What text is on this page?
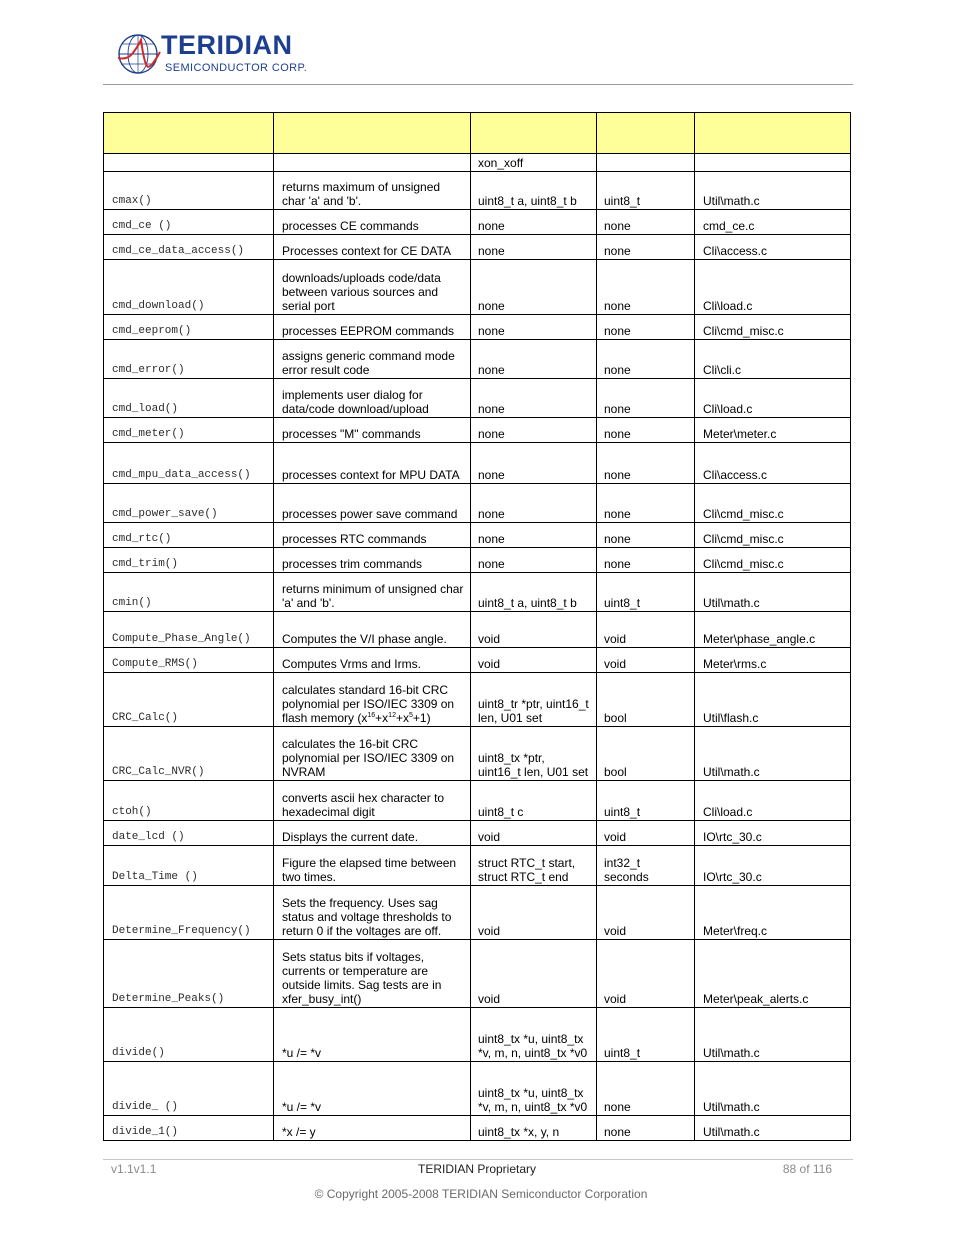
TERIDIAN
SEMICONDUCTOR CORP.

		xon_xoff		
cmax()	returns maximum of unsigned char 'a' and 'b'.	uint8_t a, uint8_t b	uint8_t	Util\math.c
cmd_ce ()	processes CE commands	none	none	cmd_ce.c
cmd_ce_data_access()	Processes context for CE DATA	none	none	Cli\access.c
cmd_download()	downloads/uploads code/data between various sources and serial port	none	none	Cli\load.c
cmd_eeprom()	processes EEPROM commands	none	none	Cli\cmd_misc.c
cmd_error()	assigns generic command mode error result code	none	none	Cli\cli.c
cmd_load()	implements user dialog for data/code download/upload	none	none	Cli\load.c
cmd_meter()	processes "M" commands	none	none	Meter\meter.c
cmd_mpu_data_access()	processes context for MPU DATA	none	none	Cli\access.c
cmd_power_save()	processes power save command	none	none	Cli\cmd_misc.c
cmd_rtc()	processes RTC commands	none	none	Cli\cmd_misc.c
cmd_trim()	processes trim commands	none	none	Cli\cmd_misc.c
cmin()	returns minimum of unsigned char 'a' and 'b'.	uint8_t a, uint8_t b	uint8_t	Util\math.c
Compute_Phase_Angle()	Computes the V/I phase angle.	void	void	Meter\phase_angle.c
Compute_RMS()	Computes Vrms and Irms.	void	void	Meter\rms.c
CRC_Calc()	calculates standard 16-bit CRC polynomial per ISO/IEC 3309 on flash memory $(x^{16}+x^{12}+x^5+1)$	uint8_tr *ptr, uint16_t len, U01 set	bool	Util\flash.c
CRC_Calc_NVR()	calculates the 16-bit CRC polynomial per ISO/IEC 3309 on NVRAM	uint8_tx *ptr, uint16_t len, U01 set	bool	Util\math.c
ctoh()	converts ascii hex character to hexadecimal digit	uint8_t c	uint8_t	Cli\load.c
date_lcd ()	Displays the current date.	void	void	IO\rtc_30.c
Delta_Time ()	Figure the elapsed time between two times.	struct RTC_t start, struct RTC_t end	int32_t seconds	IO\rtc_30.c
Determine_Frequency()	Sets the frequency. Uses sag status and voltage thresholds to return 0 if the voltages are off.	void	void	Meter\freq.c
Determine_Peaks()	Sets status bits if voltages, currents or temperature are outside limits. Sag tests are in xfer_busy_int()	void	void	Meter\peak_alerts.c
divide()	*u /= *v	uint8_tx *u, uint8_tx *v, m, n, uint8_tx *v0	uint8_t	Util\math.c
divide_ ()	*u /= *v	uint8_tx *u, uint8_tx *v, m, n, uint8_tx *v0	none	Util\math.c
divide_1()	*x /= y	uint8_tx *x, y, n	none	Util\math.c
v1.1v1.1	TERIDIAN Proprietary	88 of 116
© Copyright 2005-2008 TERIDIAN Semiconductor Corporation
